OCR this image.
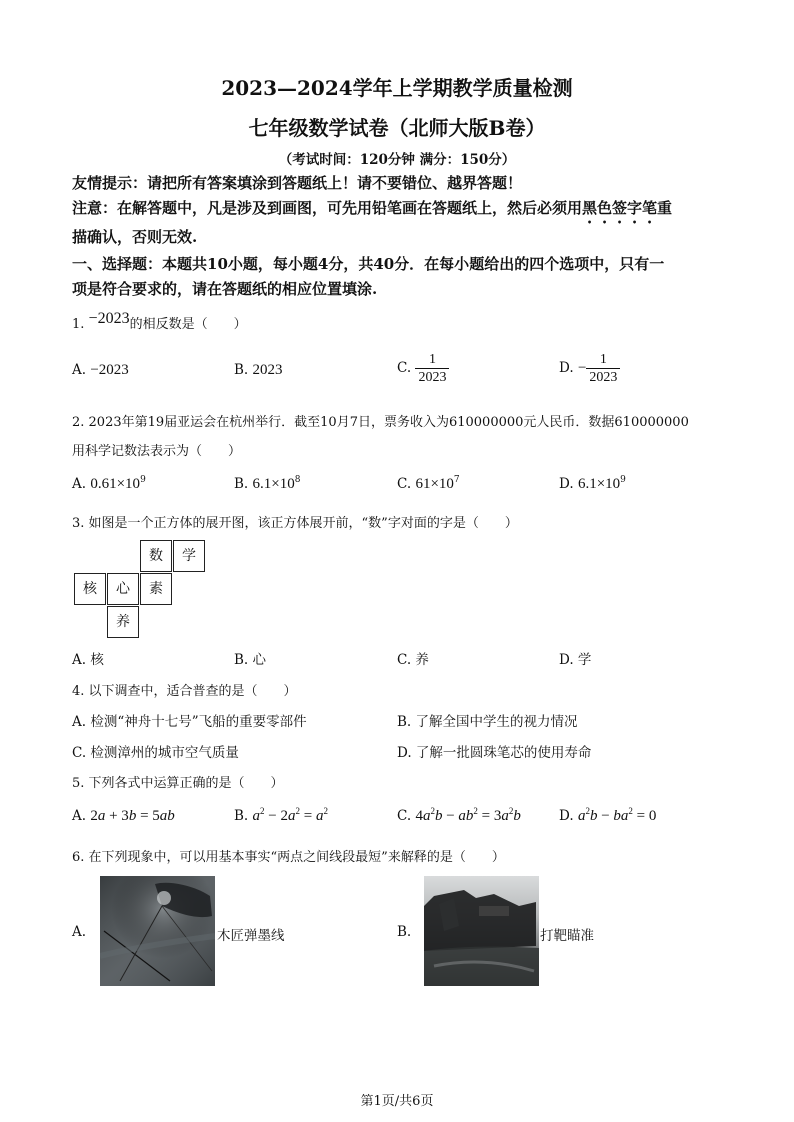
2023—2024学年上学期教学质量检测
七年级数学试卷（北师大版B卷）
（考试时间：120分钟 满分：150分）
友情提示：请把所有答案填涂到答题纸上！请不要错位、越界答题！
注意：在解答题中，凡是涉及到画图，可先用铅笔画在答题纸上，然后必须用黑色签字笔重
描确认，否则无效.
一、选择题：本题共10小题，每小题4分，共40分．在每小题给出的四个选项中，只有一
项是符合要求的，请在答题纸的相应位置填涂.
1. −2023的相反数是（　　）
A. −2023	B. 2023	C. $\frac{1}{2023}$	D. − $\frac{1}{2023}$
2. 2023年第19届亚运会在杭州举行．截至10月7日，票务收入为610000000元人民币．数据610000000
用科学记数法表示为（　　）
A. $0.61\times 10^9$	B. $6.1\times 10^8$	C. $61\times 10^7$	D. $6.1\times 10^9$
3. 如图是一个正方体的展开图，该正方体展开前，“数”字对面的字是（　　）
数	学
核	心	素
养
A. 核	B. 心	C. 养	D. 学
4. 以下调查中，适合普查的是（　　）
A. 检测“神舟十七号”飞船的重要零部件	B. 了解全国中学生的视力情况
C. 检测漳州的城市空气质量	D. 了解一批圆珠笔芯的使用寿命
5. 下列各式中运算正确的是（　　）
A. 2a + 3b = 5ab	B. $a^2 - 2a^2 = a^2$	C. $4a^2b - ab^2 = 3a^2b$	D. $a^2b - ba^2 = 0$
6. 在下列现象中，可以用基本事实“两点之间线段最短”来解释的是（　　）
A.	木匠弹墨线	B.	打靶瞄准
第1页/共6页
